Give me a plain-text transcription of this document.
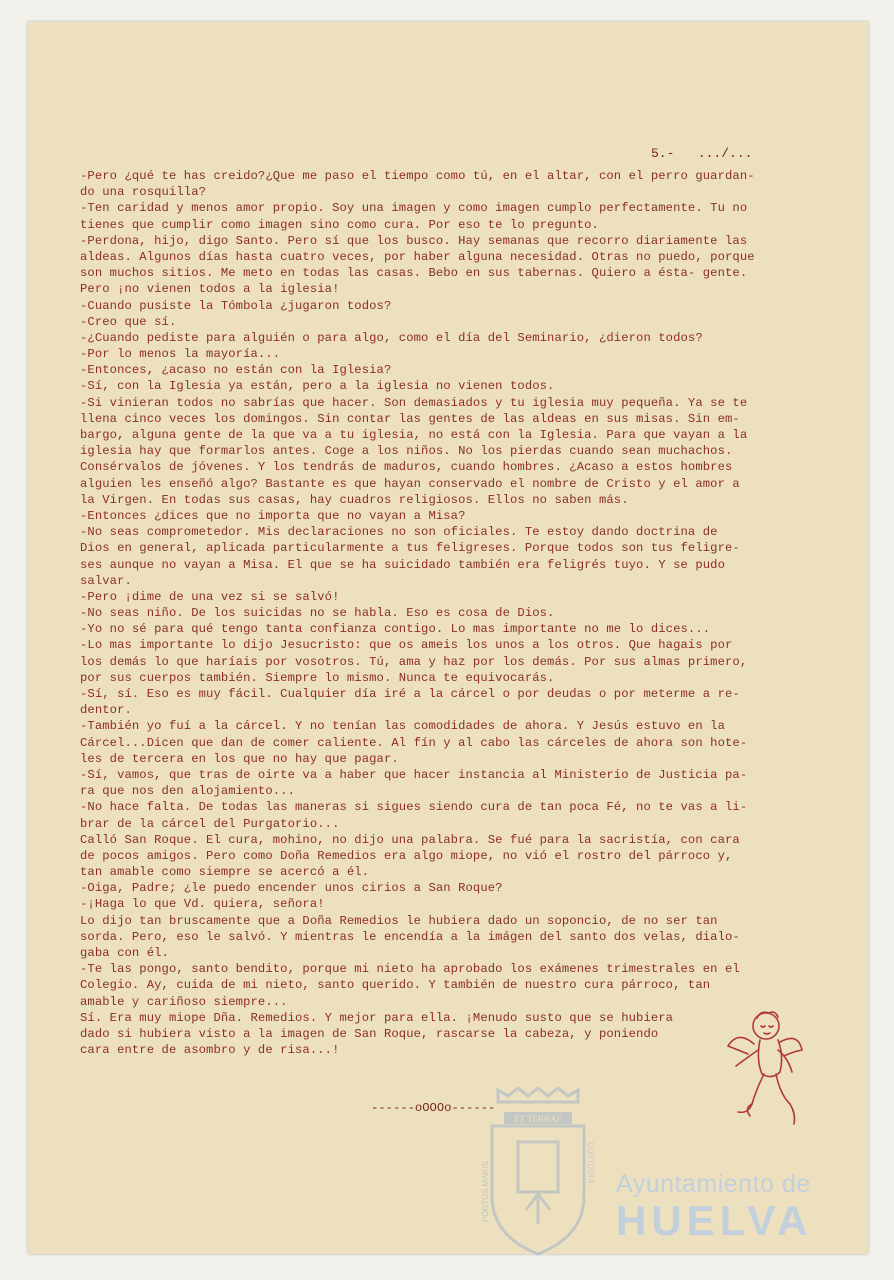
5.-   .../...
-Pero ¿qué te has creido?¿Que me paso el tiempo como tú, en el altar, con el perro guardan-
do una rosquilla?
-Ten caridad y menos amor propio. Soy una imagen y como imagen cumplo perfectamente. Tu no
tienes que cumplir como imagen sino como cura. Por eso te lo pregunto.
-Perdona, hijo, digo Santo. Pero sí que los busco. Hay semanas que recorro diariamente las
aldeas. Algunos días hasta cuatro veces, por haber alguna necesidad. Otras no puedo, porque
son muchos sitios. Me meto en todas las casas. Bebo en sus tabernas. Quiero a ésta- gente.
Pero ¡no vienen todos a la iglesia!
-Cuando pusiste la Tómbola ¿jugaron todos?
-Creo que sí.
-¿Cuando pediste para alguién o para algo, como el día del Seminario, ¿dieron todos?
-Por lo menos la mayoría...
-Entonces, ¿acaso no están con la Iglesia?
-Sí, con la Iglesia ya están, pero a la iglesia no vienen todos.
-Si vinieran todos no sabrías que hacer. Son demasiados y tu iglesia muy pequeña. Ya se te
llena cinco veces los domingos. Sin contar las gentes de las aldeas en sus misas. Sin em-
bargo, alguna gente de la que va a tu iglesia, no está con la Iglesia. Para que vayan a la
iglesia hay que formarlos antes. Coge a los niños. No los pierdas cuando sean muchachos.
Consérvalos de jóvenes. Y los tendrás de maduros, cuando hombres. ¿Acaso a estos hombres
alguien les enseñó algo? Bastante es que hayan conservado el nombre de Cristo y el amor a
la Virgen. En todas sus casas, hay cuadros religiosos. Ellos no saben más.
-Entonces ¿dices que no importa que no vayan a Misa?
-No seas comprometedor. Mis declaraciones no son oficiales. Te estoy dando doctrina de
Dios en general, aplicada particularmente a tus feligreses. Porque todos son tus feligre-
ses aunque no vayan a Misa. El que se ha suicidado también era feligrés tuyo. Y se pudo
salvar.
-Pero ¡dime de una vez si se salvó!
-No seas niño. De los suicidas no se habla. Eso es cosa de Dios.
-Yo no sé para qué tengo tanta confianza contigo. Lo mas importante no me lo dices...
-Lo mas importante lo dijo Jesucristo: que os ameis los unos a los otros. Que hagais por
los demás lo que haríais por vosotros. Tú, ama y haz por los demás. Por sus almas primero,
por sus cuerpos también. Siempre lo mismo. Nunca te equivocarás.
-Sí, sí. Eso es muy fácil. Cualquier día iré a la cárcel o por deudas o por meterme a re-
dentor.
-También yo fuí a la cárcel. Y no tenían las comodidades de ahora. Y Jesús estuvo en la
Cárcel...Dicen que dan de comer caliente. Al fín y al cabo las cárceles de ahora son hote-
les de tercera en los que no hay que pagar.
-Sí, vamos, que tras de oirte va a haber que hacer instancia al Ministerio de Justicia pa-
ra que nos den alojamiento...
-No hace falta. De todas las maneras si sigues siendo cura de tan poca Fé, no te vas a li-
brar de la cárcel del Purgatorio...
Calló San Roque. El cura, mohino, no dijo una palabra. Se fué para la sacristía, con cara
de pocos amigos. Pero como Doña Remedios era algo miope, no vió el rostro del párroco y,
tan amable como siempre se acercó a él.
-Oiga, Padre; ¿le puedo encender unos cirios a San Roque?
-¡Haga lo que Vd. quiera, señora!
Lo dijo tan bruscamente que a Doña Remedios le hubiera dado un soponcio, de no ser tan
sorda. Pero, eso le salvó. Y mientras le encendía a la imágen del santo dos velas, dialo-
gaba con él.
-Te las pongo, santo bendito, porque mi nieto ha aprobado los exámenes trimestrales en el
Colegio. Ay, cuida de mi nieto, santo querido. Y también de nuestro cura párroco, tan
amable y cariñoso siempre...
Sí. Era muy miope Dña. Remedios. Y mejor para ella. ¡Menudo susto que se hubiera
dado si hubiera visto a la imagen de San Roque, rascarse la cabeza, y poniendo
cara entre de asombro y de risa...!
------oOOOo------
ET TERRAE
PORTUS MARIS	CUSTODIA
Ayuntamiento de
HUELVA
